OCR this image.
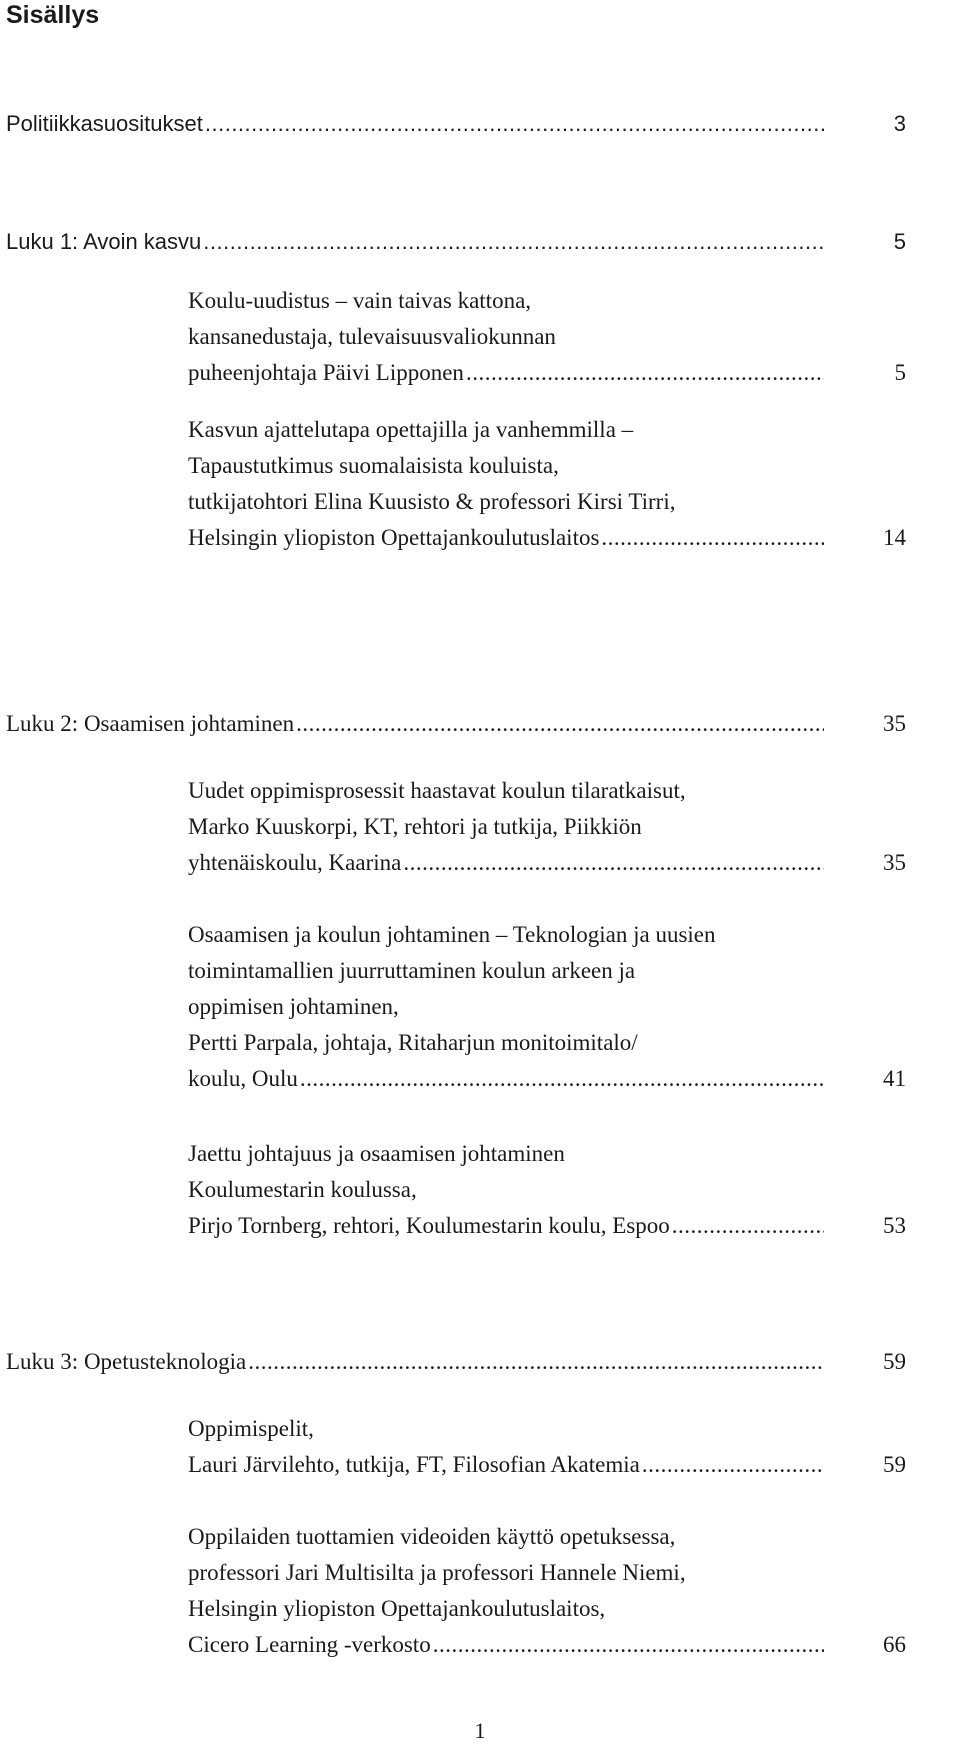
Sisällys
Politiikkasuositukset .....	3
Luku 1: Avoin kasvu .....	5
Koulu-uudistus – vain taivas kattona,
kansanedustaja, tulevaisuusvaliokunnan
puheenjohtaja Päivi Lipponen .....	5
Kasvun ajattelutapa opettajilla ja vanhemmilla –
Tapaustutkimus suomalaisista kouluista,
tutkijatohtori Elina Kuusisto & professori Kirsi Tirri,
Helsingin yliopiston Opettajankoulutuslaitos .....	14
Luku 2: Osaamisen johtaminen .....	35
Uudet oppimisprosessit haastavat koulun tilaratkaisut,
Marko Kuuskorpi, KT, rehtori ja tutkija, Piikkiön
yhtenäiskoulu, Kaarina .....	35
Osaamisen ja koulun johtaminen – Teknologian ja uusien
toimintamallien juurruttaminen koulun arkeen ja
oppimisen johtaminen,
Pertti Parpala, johtaja, Ritaharjun monitoimitalo/
koulu, Oulu .....	41
Jaettu johtajuus ja osaamisen johtaminen
Koulumestarin koulussa,
Pirjo Tornberg, rehtori, Koulumestarin koulu, Espoo .....	53
Luku 3: Opetusteknologia .....	59
Oppimispelit,
Lauri Järvilehto, tutkija, FT, Filosofian Akatemia .....	59
Oppilaiden tuottamien videoiden käyttö opetuksessa,
professori Jari Multisilta ja professori Hannele Niemi,
Helsingin yliopiston Opettajankoulutuslaitos,
Cicero Learning -verkosto .....	66
1
